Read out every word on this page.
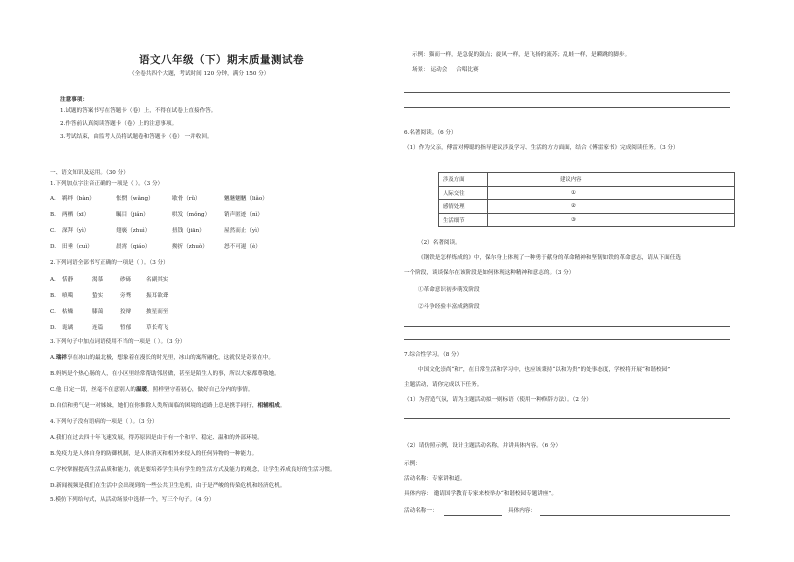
语文八年级（下）期末质量测试卷
（全卷共四个大题，考试时间 120 分钟，满分 150 分）
注意事项：
1.试题的答案书写在答题卡（卷）上，不得在试卷上直接作答。
2.作答前认真阅读答题卡（卷）上的注意事项。
3.考试结束，由监考人员将试题卷和答题卡（卷） 一并收回。
一、语文知识及运用。（30 分）
1.下列加点字注音正确的一项是（ ）。（3 分）
A. 羁绊（bàn）	怅惘（wǎng）	歇骨（rǔ）	魑魅魍魉（liǎo）
B. 两栖（xī）	瞩目（jiǎn）	哄发（mǒng） 销声匿迹（nì）
C. 深拜（yì）	翅亵（zhuì）	扭钱（jiān）	屋然而止（yì）
D. 田垂（cuì）	晨霄（qiáo）	拗折（zhuò）	怒不可遏（è）
2.下列词语全部书写正确的一项是（ ）。（3 分）
A. 恬静	渴慕	砂砾	名副其实
B. 嗔噶	蛰实	旁骛	振耳欲聋
C. 枯燥	膝蔼	狡辩	披星而至
D. 诡谲	连篇	暂郁	草长莺飞
3.下列句子中加点词语使用不当的一项是（ ）。（3 分）
A.瑞祥享在冰山的最北极，想象着在漫长的时光里，冰山的寓所融化，这就仅是奇景在中。
B.妈妈是个热心肠的人，在小区里经常帮助邻居做，甚至是陌生人的事，所以大家都尊敬她。
C.他 日定一切，丝毫不在意别人的温暖，照样坚守着初心，做好自己分内的事情。
D.自信和勇气是一对姊妹，她们在你推除人类所面临的困境的道路上总是携手同行，相辅相成。
4.下列句子没有语病的一项是（ ）。（3 分）
A.我们在过去四十年飞速发展，得苏原因是由于有一个和平、稳定、温和的外部环境。
B.免疫力是人体自身的防御机制，是人体消灭和相外来侵入的任何异物的一种能力。
C.学校掌握提高生活品质和能力，就是要培养学生具有学生的生活方式及能力的观念，让学生养成良好的生活习惯。
D.新闻视频是我们在生活中会出现到的一些公共卫生危机，由于是严峻的传染危机和经济危机。
5.模仿下列给句式，从活动场景中选择一个，写三个句子。（4 分）
示例：猫而一样，是急促的鼓点；旋风一样，是飞扬的流苏；乱蛙一样，是瞬跳的脚步。
场景： 运动会 合唱比赛
6.名著阅读。（6 分）
（1）作为父亲，傅雷对傅聪的指导建议涉及学习、生活的方方面面，结合《傅雷家书》完成阅读任务。（3 分）
涉及方面	建议内容
人际交往	①
感情处理	②
生活细节	③
（2）名著阅读。
《钢铁是怎样炼成的》中，保尔身上体现了一种勇于献身的革命精神和坚韧如铁的革命意志，请从下面任选
一个阶段，谈谈保尔在该阶段是如何体现这种精神和意志的。（3 分）
①革命意识初步萌发阶段
②斗争经验丰富成熟阶段
7.综合性学习。（8 分）
中国文化崇尚“和”，在日常生活和学习中，也应该秉持“以和为贵”的处事态度，学校将开展“和谐校园”
主题活动，请你完成以下任务。
（1）为营造气氛，请为主题活动拟一则标语（使用一种修辞方法）。（2 分）
（2）请仿照示例，设计主题活动名称，并讲具体内容。（6 分）
示例：
活动名称：专家讲和道。
具体内容： 邀请国学教育专家来校举办“和谐校园专题讲座”。
活动名称一：	具体内容：
